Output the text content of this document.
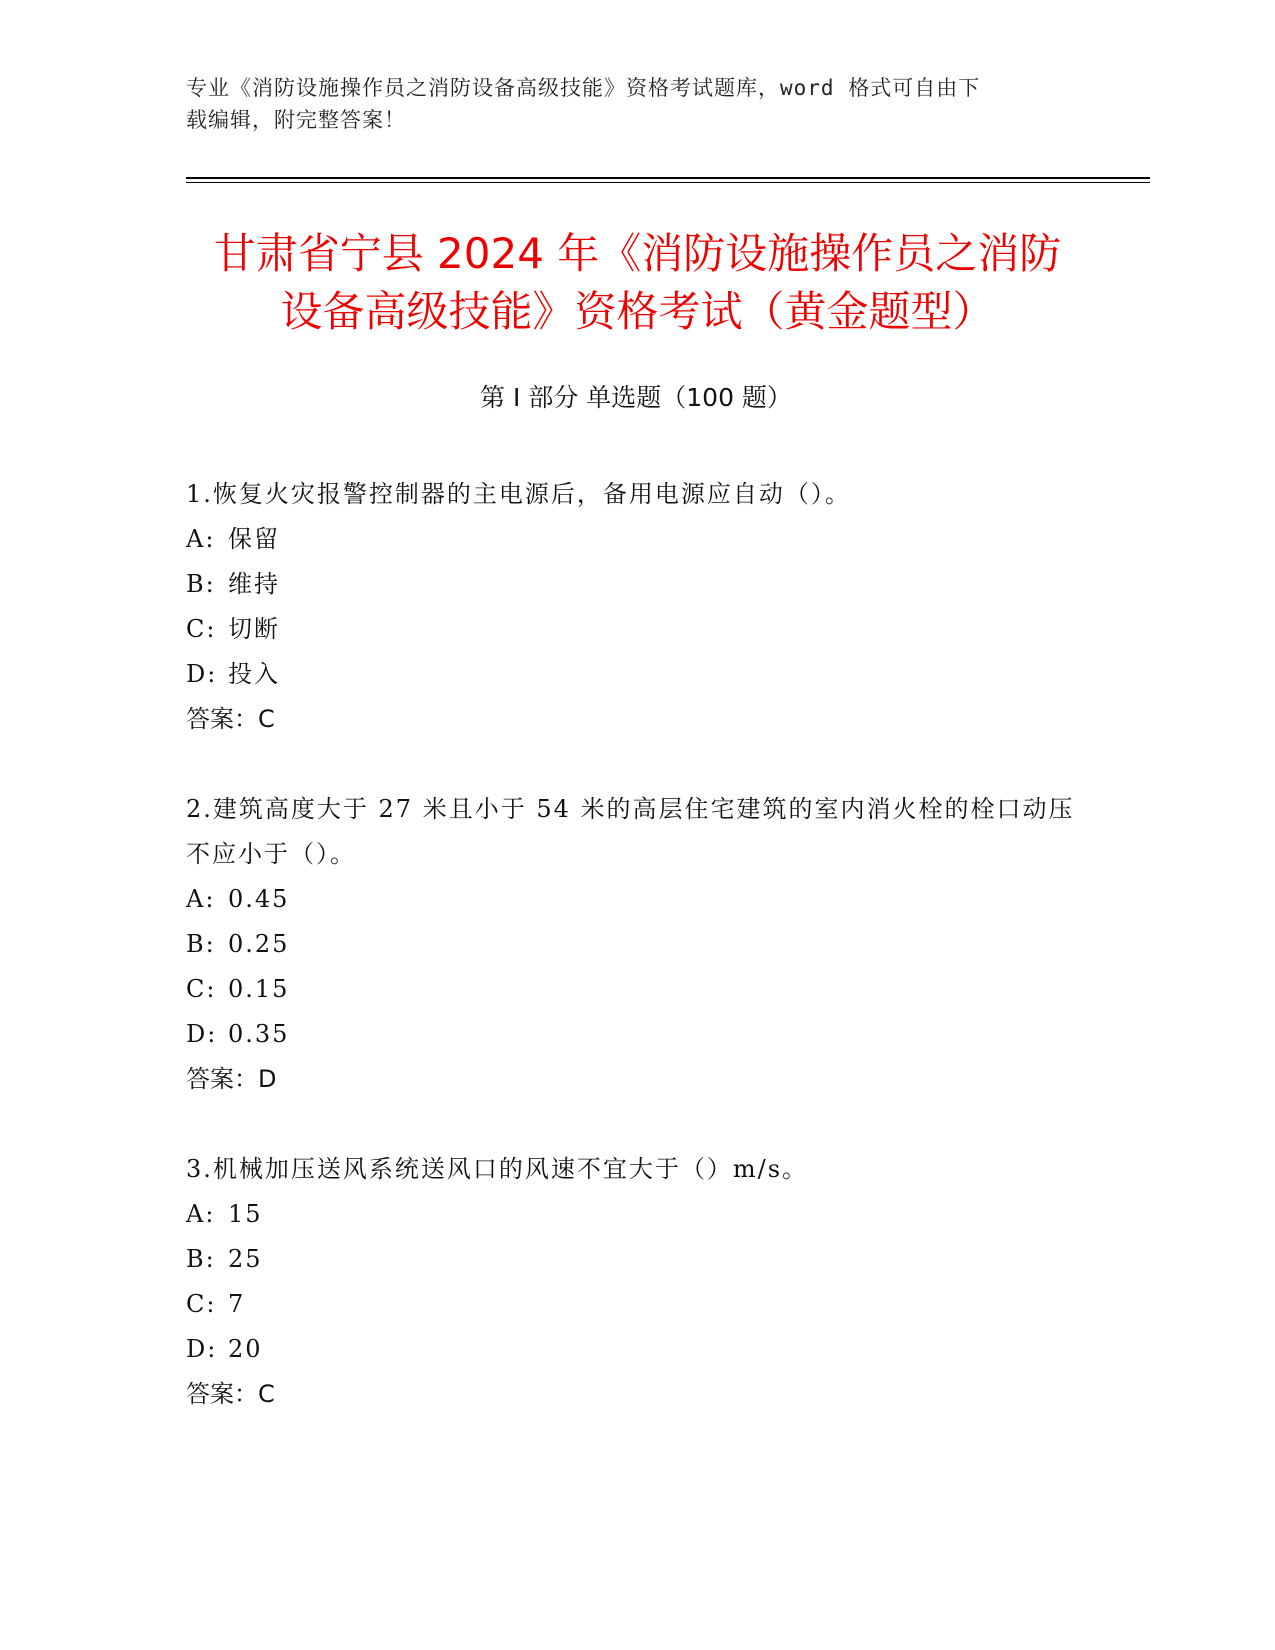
专业《消防设施操作员之消防设备高级技能》资格考试题库，word 格式可自由下
载编辑，附完整答案！
甘肃省宁县 2024 年《消防设施操作员之消防
设备高级技能》资格考试（黄金题型）
第 I 部分 单选题（100 题）
1.恢复火灾报警控制器的主电源后，备用电源应自动（）。
A: 保留
B: 维持
C: 切断
D: 投入
答案：C
2.建筑高度大于 27 米且小于 54 米的高层住宅建筑的室内消火栓的栓口动压不应小于（）。
A: 0.45
B: 0.25
C: 0.15
D: 0.35
答案：D
3.机械加压送风系统送风口的风速不宜大于（）m/s。
A: 15
B: 25
C: 7
D: 20
答案：C
